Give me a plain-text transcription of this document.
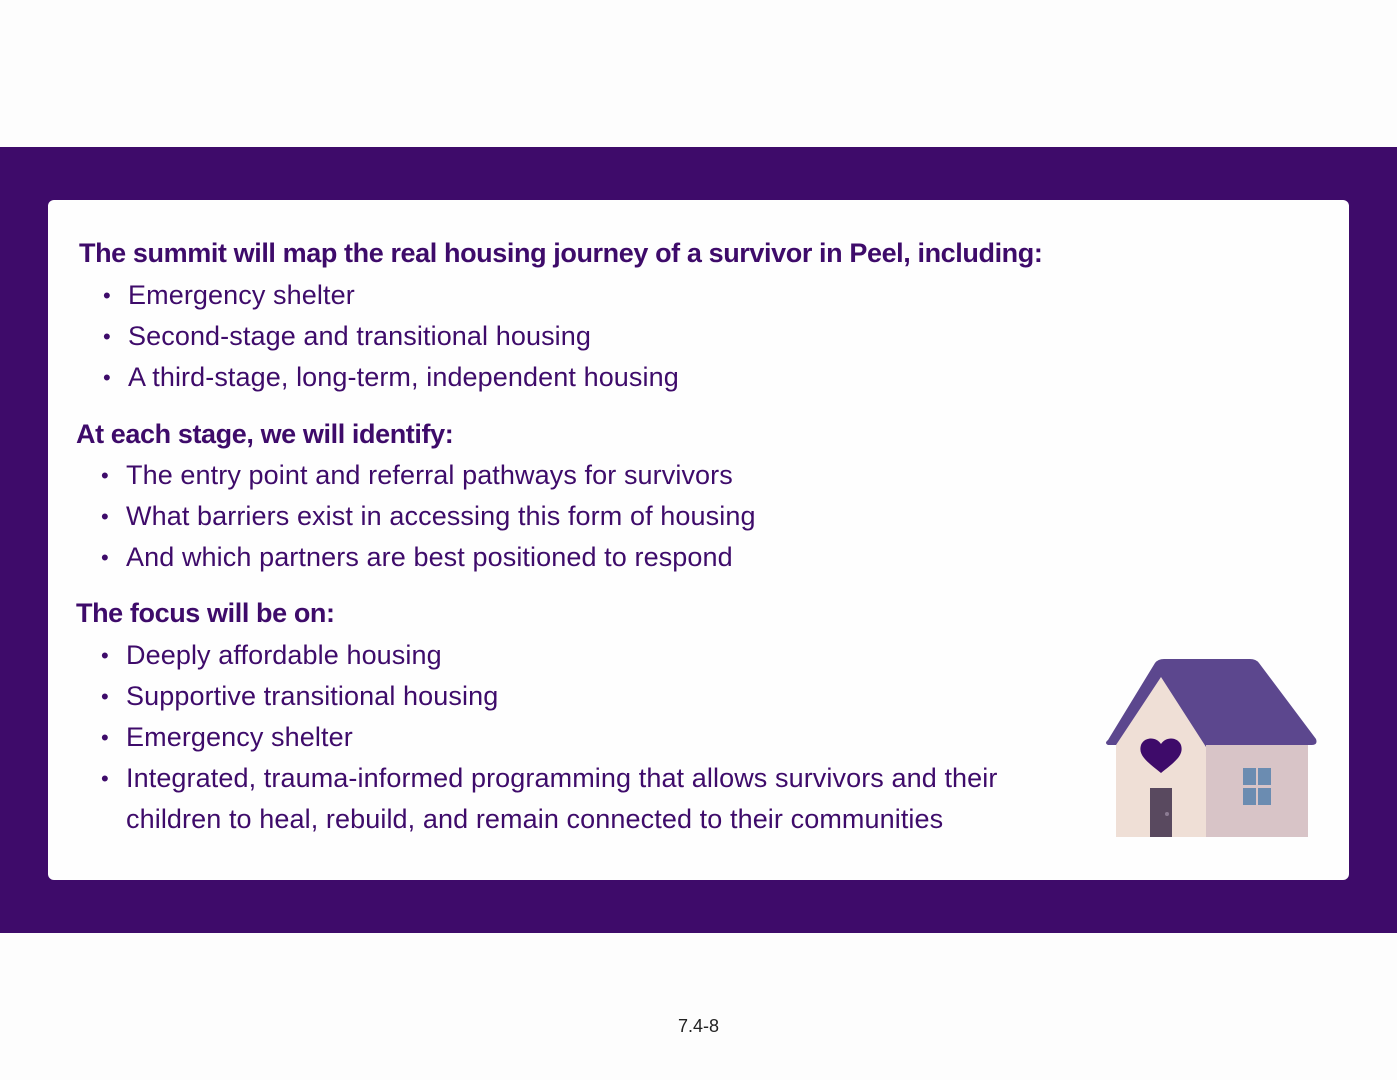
The summit will map the real housing journey of a survivor in Peel, including:
• Emergency shelter
• Second-stage and transitional housing
• A third-stage, long-term, independent housing
At each stage, we will identify:
• The entry point and referral pathways for survivors
• What barriers exist in accessing this form of housing
• And which partners are best positioned to respond
The focus will be on:
• Deeply affordable housing
• Supportive transitional housing
• Emergency shelter
• Integrated, trauma-informed programming that allows survivors and their
children to heal, rebuild, and remain connected to their communities
7.4-8
